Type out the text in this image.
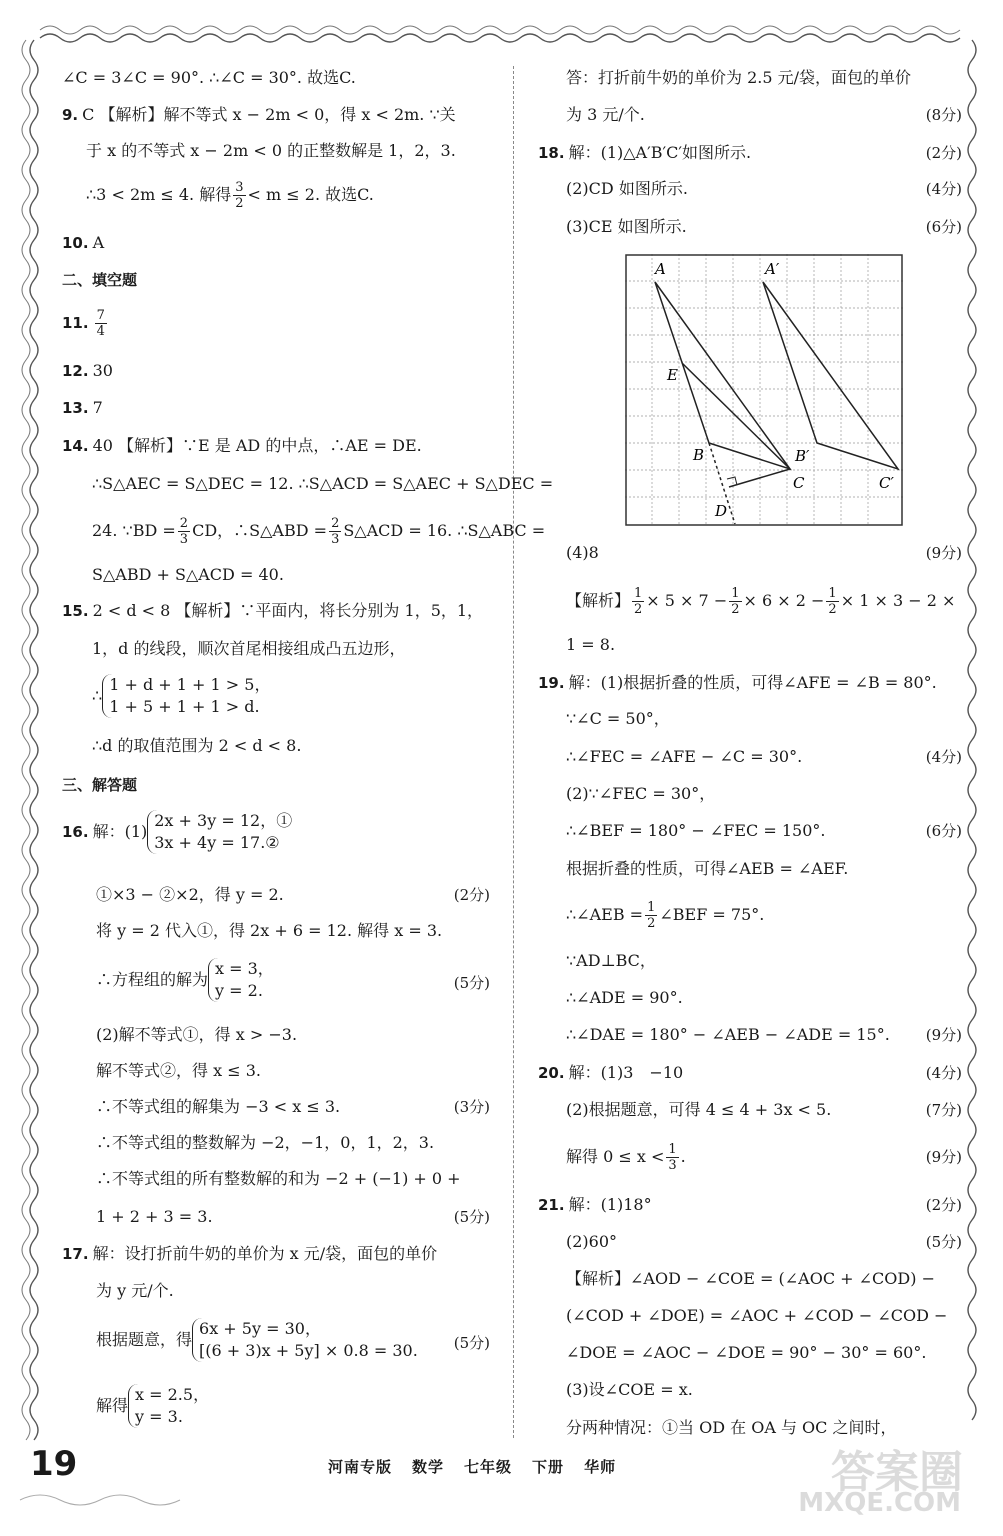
∠C = 3∠C = 90°. ∴∠C = 30°. 故选C.
9. C 【解析】解不等式 x − 2m < 0，得 x < 2m. ∵关
于 x 的不等式 x − 2m < 0 的正整数解是 1，2，3.
∴3 < 2m ≤ 4. 解得 $\frac{3}{2} < m \le 2$. 故选C.
10. A
二、填空题
11. $\frac{7}{4}$
12. 30
13. 7
14. 40 【解析】∵E 是 AD 的中点，∴AE = DE.
∴S△AEC = S△DEC = 12. ∴S△ACD = S△AEC + S△DEC =
24. ∵BD = $\frac{2}{3}$ CD，∴S△ABD = $\frac{2}{3}$ S△ACD = 16. ∴S△ABC =
S△ABD + S△ACD = 40.
15. 2 < d < 8 【解析】∵平面内，将长分别为 1，5，1，
1，d 的线段，顺次首尾相接组成凸五边形，
∴
1 + d + 1 + 1 > 5，
1 + 5 + 1 + 1 > d.
∴d 的取值范围为 2 < d < 8.
三、解答题
16. 解：(1)
2x + 3y = 12，①
3x + 4y = 17.②
①×3 − ②×2，得 y = 2.	(2分)
将 y = 2 代入①，得 2x + 6 = 12. 解得 x = 3.
∴方程组的解为
x = 3，
y = 2.	(5分)
(2)解不等式①，得 x > −3.
解不等式②，得 x ≤ 3.
∴不等式组的解集为 −3 < x ≤ 3.	(3分)
∴不等式组的整数解为 −2，−1，0，1，2，3.
∴不等式组的所有整数解的和为 −2 + (−1) + 0 +
1 + 2 + 3 = 3.	(5分)
17. 解：设打折前牛奶的单价为 x 元/袋，面包的单价
为 y 元/个.
根据题意，得
6x + 5y = 30，
[(6 + 3)x + 5y] × 0.8 = 30. (5分)
解得
x = 2.5，
y = 3.
答：打折前牛奶的单价为 2.5 元/袋，面包的单价
为 3 元/个.	(8分)
18. 解：(1)△A′B′C′如图所示.	(2分)
(2)CD 如图所示.	(4分)
(3)CE 如图所示.	(6分)
(4)8	(9分)
【解析】 $\frac{1}{2} \times 5 \times 7 - \frac{1}{2} \times 6 \times 2 - \frac{1}{2} \times 1 \times 3 - 2$ ×
1 = 8.
19. 解：(1)根据折叠的性质，可得∠AFE = ∠B = 80°.
∵∠C = 50°，
∴∠FEC = ∠AFE − ∠C = 30°.	(4分)
(2)∵∠FEC = 30°，
∴∠BEF = 180° − ∠FEC = 150°.	(6分)
根据折叠的性质，可得∠AEB = ∠AEF.
∴∠AEB = $\frac{1}{2}$ ∠BEF = 75°.
∵AD⊥BC，
∴∠ADE = 90°.
∴∠DAE = 180° − ∠AEB − ∠ADE = 15°. (9分)
20. 解：(1)3　−10	(4分)
(2)根据题意，可得 4 ≤ 4 + 3x < 5.	(7分)
解得 $0 \le x < \frac{1}{3}$ .	(9分)
21. 解：(1)18°	(2分)
(2)60°	(5分)
【解析】∠AOD − ∠COE = (∠AOC + ∠COD) −
(∠COD + ∠DOE) = ∠AOC + ∠COD − ∠COD −
∠DOE = ∠AOC − ∠DOE = 90° − 30° = 60°.
(3)设∠COE = x.
分两种情况：①当 OD 在 OA 与 OC 之间时，
A	A′
E
B	B′
C	C′
D
19	河南专版 数学 七年级 下册 华师	答案圈
MXQE.COM
